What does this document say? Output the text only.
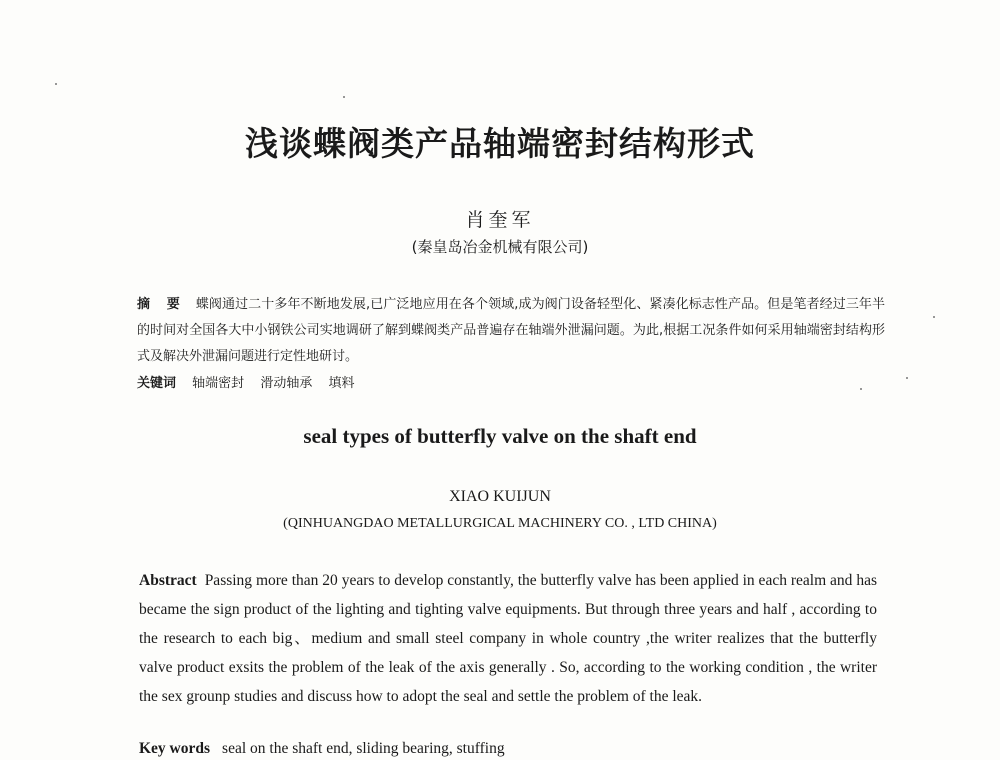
浅谈蝶阀类产品轴端密封结构形式
肖奎军
(秦皇岛冶金机械有限公司)
摘 要 蝶阀通过二十多年不断地发展,已广泛地应用在各个领域,成为阀门设备轻型化、紧凑化标志性产品。但是笔者经过三年半的时间对全国各大中小钢铁公司实地调研了解到蝶阀类产品普遍存在轴端外泄漏问题。为此,根据工况条件如何采用轴端密封结构形式及解决外泄漏问题进行定性地研讨。
关键词 轴端密封 滑动轴承 填料
seal types of butterfly valve on the shaft end
XIAO KUIJUN
(QINHUANGDAO METALLURGICAL MACHINERY CO. , LTD CHINA)
Abstract Passing more than 20 years to develop constantly, the butterfly valve has been applied in each realm and has became the sign product of the lighting and tighting valve equipments. But through three years and half , according to the research to each big、medium and small steel company in whole country ,the writer realizes that the butterfly valve product exsits the problem of the leak of the axis generally . So, according to the working condition , the writer the sex grounp studies and discuss how to adopt the seal and settle the problem of the leak.
Key words seal on the shaft end, sliding bearing, stuffing
